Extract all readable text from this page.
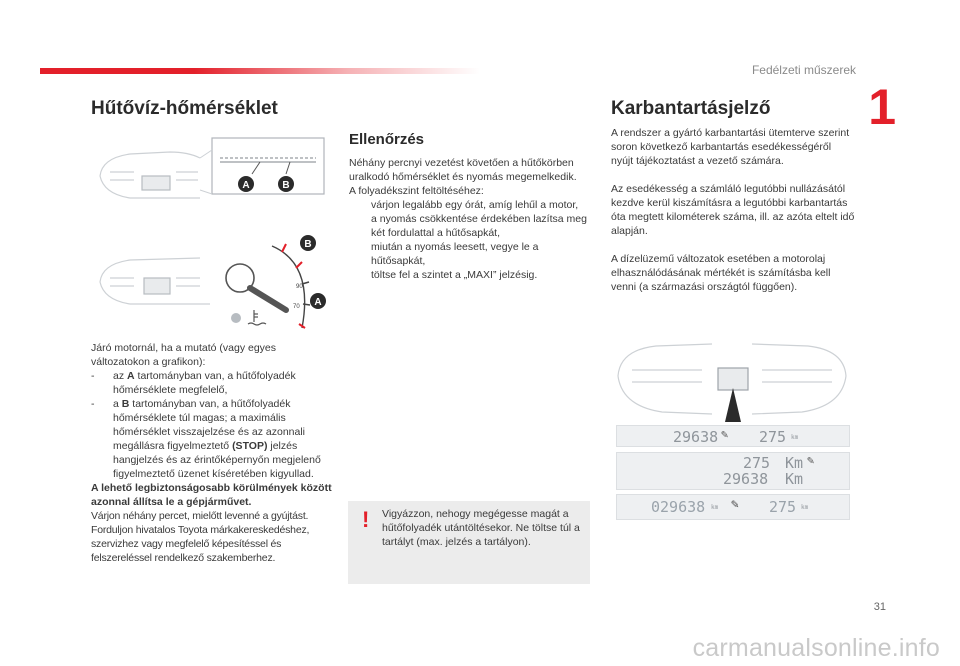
Fedélzeti műszerek
1
Hűtővíz-hőmérséklet
A	B
90
70
B
A

Járó motornál, ha a mutató (vagy egyes változatokon a grafikon):

-	az A tartományban van, a hűtőfolyadék hőmérséklete megfelelő,
-	a B tartományban van, a hűtőfolyadék hőmérséklete túl magas; a maximális hőmérséklet visszajelzése és az azonnali megállásra figyelmeztető (STOP) jelzés hangjelzés és az érintőképernyőn megjelenő figyelmeztető üzenet kíséretében kigyullad.

A lehető legbiztonságosabb körülmények között azonnal állítsa le a gépjárművet.

Várjon néhány percet, mielőtt levenné a gyújtást. Forduljon hivatalos Toyota márkakereskedéshez, szervizhez vagy megfelelő képesítéssel és felszereléssel rendelkező szakemberhez.

Ellenőrzés

Néhány percnyi vezetést követően a hűtőkörben uralkodó hőmérséklet és nyomás megemelkedik.

A folyadékszint feltöltéséhez:

várjon legalább egy órát, amíg lehűl a motor,
a nyomás csökkentése érdekében lazítsa meg két fordulattal a hűtősapkát,
miután a nyomás leesett, vegye le a hűtősapkát,
töltse fel a szintet a „MAXI” jelzésig.
! Vigyázzon, nehogy megégesse magát a hűtőfolyadék utántöltésekor. Ne töltse túl a tartályt (max. jelzés a tartályon).
Karbantartásjelző

A rendszer a gyártó karbantartási ütemterve szerint soron következő karbantartás esedékességéről nyújt tájékoztatást a vezető számára.

Az esedékesség a számláló legutóbbi nullázásától kezdve kerül kiszámításra a legutóbbi karbantartás óta megtett kilométerek száma, ill. az azóta eltelt idő alapján.

A dízelüzemű változatok esetében a motorolaj elhasználódásának mértékét is számításba kell venni (a származási országtól függően).

29638 ✎ 275 km
275 Km ✎
29638 Km
029638 km ✎ 275 km
31
carmanualsonline.info
